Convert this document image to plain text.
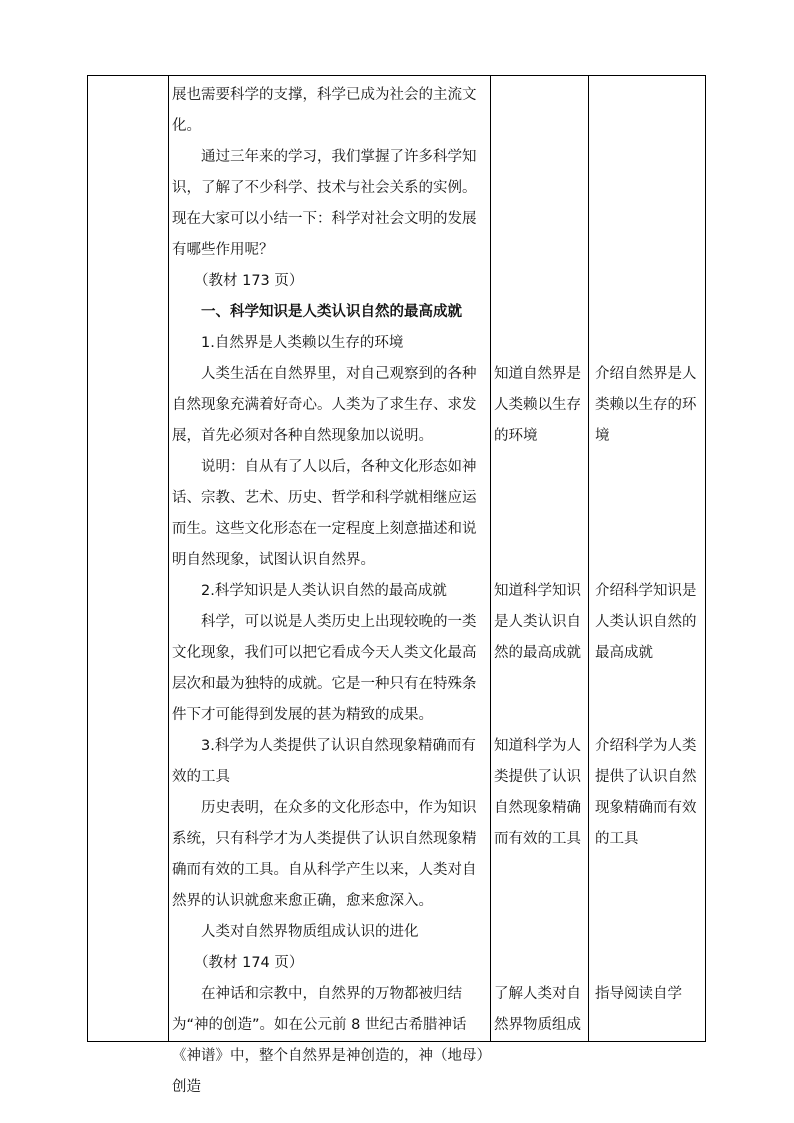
展也需要科学的支撑，科学已成为社会的主流文化。

通过三年来的学习，我们掌握了许多科学知识，了解了不少科学、技术与社会关系的实例。现在大家可以小结一下：科学对社会文明的发展有哪些作用呢？

（教材 173 页）

一、科学知识是人类认识自然的最高成就

1.自然界是人类赖以生存的环境

人类生活在自然界里，对自己观察到的各种自然现象充满着好奇心。人类为了求生存、求发展，首先必须对各种自然现象加以说明。

说明：自从有了人以后，各种文化形态如神话、宗教、艺术、历史、哲学和科学就相继应运而生。这些文化形态在一定程度上刻意描述和说明自然现象，试图认识自然界。

2.科学知识是人类认识自然的最高成就

科学，可以说是人类历史上出现较晚的一类文化现象，我们可以把它看成今天人类文化最高层次和最为独特的成就。它是一种只有在特殊条件下才可能得到发展的甚为精致的成果。

3.科学为人类提供了认识自然现象精确而有效的工具

历史表明，在众多的文化形态中，作为知识系统，只有科学才为人类提供了认识自然现象精确而有效的工具。自从科学产生以来，人类对自然界的认识就愈来愈正确，愈来愈深入。

人类对自然界物质组成认识的进化

（教材 174 页）

在神话和宗教中，自然界的万物都被归结为“神的创造”。如在公元前 8 世纪古希腊神话《神谱》中，整个自然界是神创造的，神（地母）创造

知道自然界是人类赖以生存的环境
知道科学知识是人类认识自然的最高成就
知道科学为人类提供了认识自然现象精确而有效的工具
了解人类对自然界物质组成
介绍自然界是人类赖以生存的环境
介绍科学知识是人类认识自然的最高成就
介绍科学为人类提供了认识自然现象精确而有效的工具
指导阅读自学
